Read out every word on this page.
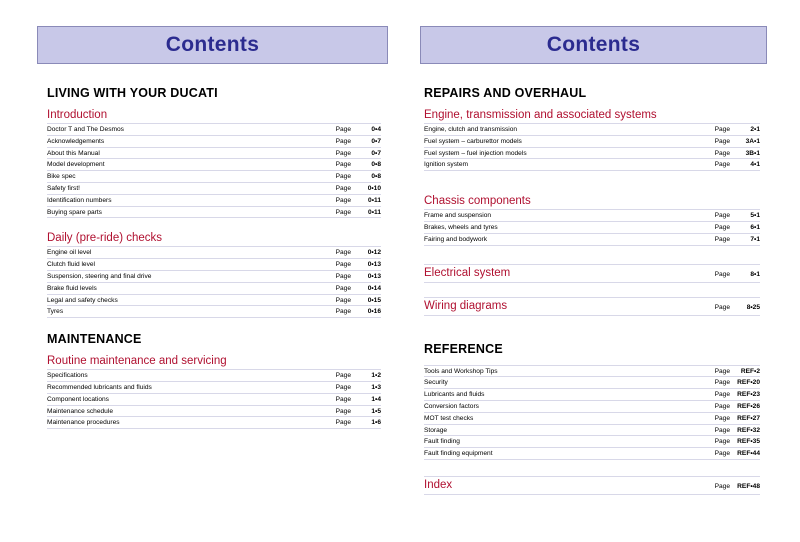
Contents
LIVING WITH YOUR DUCATI
Introduction
Doctor T and The Desmos	Page	0•4
Acknowledgements	Page	0•7
About this Manual	Page	0•7
Model development	Page	0•8
Bike spec	Page	0•8
Safety first!	Page	0•10
Identification numbers	Page	0•11
Buying spare parts	Page	0•11
Daily (pre-ride) checks
Engine oil level	Page	0•12
Clutch fluid level	Page	0•13
Suspension, steering and final drive	Page	0•13
Brake fluid levels	Page	0•14
Legal and safety checks	Page	0•15
Tyres	Page	0•16
MAINTENANCE
Routine maintenance and servicing
Specifications	Page	1•2
Recommended lubricants and fluids	Page	1•3
Component locations	Page	1•4
Maintenance schedule	Page	1•5
Maintenance procedures	Page	1•6
Contents
REPAIRS AND OVERHAUL
Engine, transmission and associated systems
Engine, clutch and transmission	Page	2•1
Fuel system – carburettor models	Page	3A•1
Fuel system – fuel injection models	Page	3B•1
Ignition system	Page	4•1
Chassis components
Frame and suspension	Page	5•1
Brakes, wheels and tyres	Page	6•1
Fairing and bodywork	Page	7•1
Electrical system	Page	8•1
Wiring diagrams	Page	8•25
REFERENCE
Tools and Workshop Tips	Page	REF•2
Security	Page	REF•20
Lubricants and fluids	Page	REF•23
Conversion factors	Page	REF•26
MOT test checks	Page	REF•27
Storage	Page	REF•32
Fault finding	Page	REF•35
Fault finding equipment	Page	REF•44
Index	Page	REF•48
